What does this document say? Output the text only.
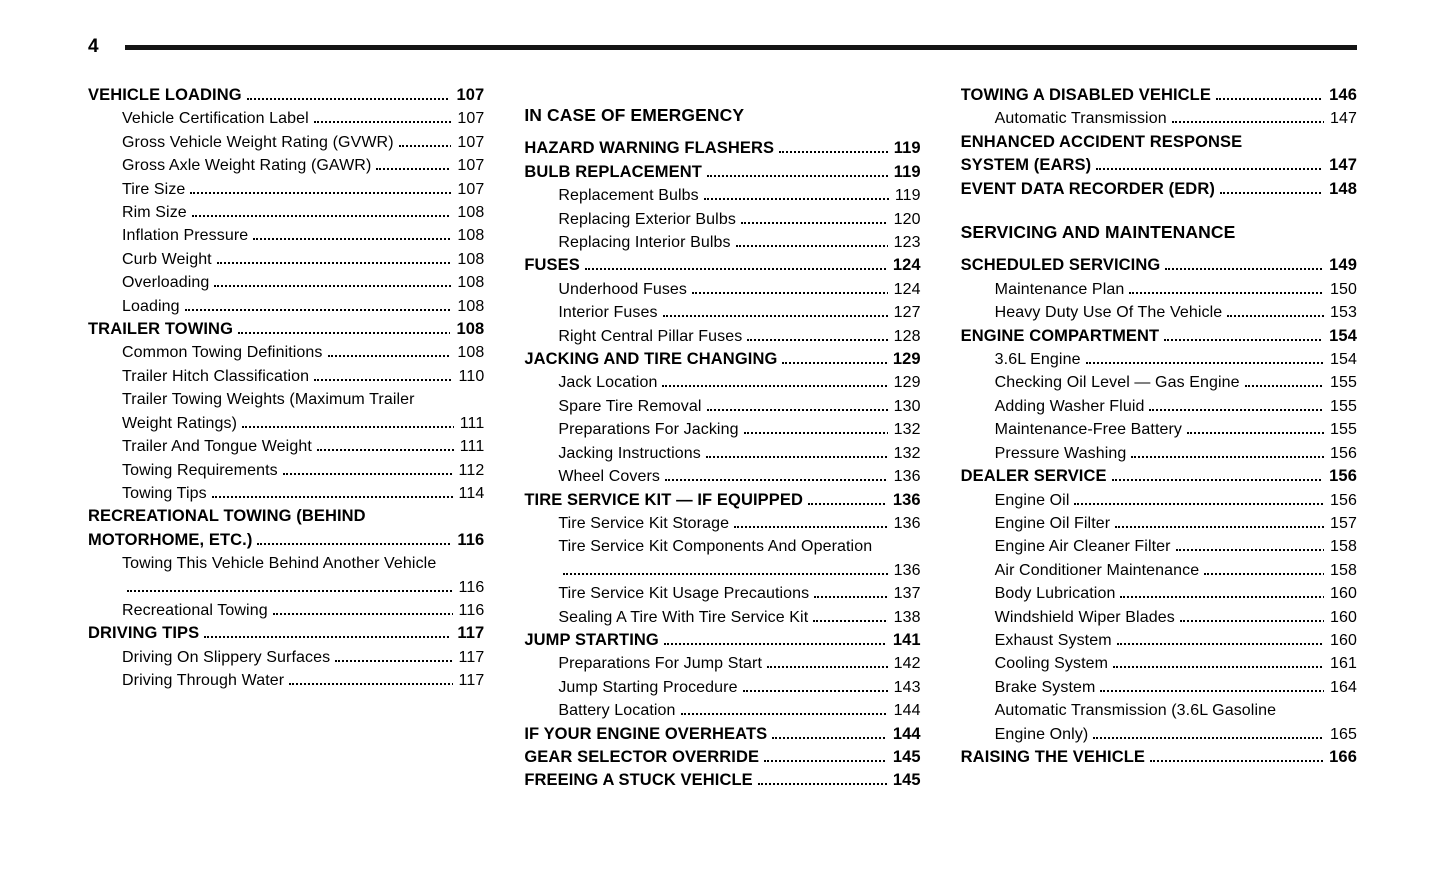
4
VEHICLE LOADING	107
Vehicle Certification Label	107
Gross Vehicle Weight Rating (GVWR)	107
Gross Axle Weight Rating (GAWR)	107
Tire Size	107
Rim Size	108
Inflation Pressure	108
Curb Weight	108
Overloading	108
Loading	108
TRAILER TOWING	108
Common Towing Definitions	108
Trailer Hitch Classification	110
Trailer Towing Weights (Maximum Trailer Weight Ratings)	111
Trailer And Tongue Weight	111
Towing Requirements	112
Towing Tips	114
RECREATIONAL TOWING (BEHIND MOTORHOME, ETC.)	116
Towing This Vehicle Behind Another Vehicle
116
Recreational Towing	116
DRIVING TIPS	117
Driving On Slippery Surfaces	117
Driving Through Water	117
IN CASE OF EMERGENCY
HAZARD WARNING FLASHERS	119
BULB REPLACEMENT	119
Replacement Bulbs	119
Replacing Exterior Bulbs	120
Replacing Interior Bulbs	123
FUSES	124
Underhood Fuses	124
Interior Fuses	127
Right Central Pillar Fuses	128
JACKING AND TIRE CHANGING	129
Jack Location	129
Spare Tire Removal	130
Preparations For Jacking	132
Jacking Instructions	132
Wheel Covers	136
TIRE SERVICE KIT — IF EQUIPPED	136
Tire Service Kit Storage	136
Tire Service Kit Components And Operation
136
Tire Service Kit Usage Precautions	137
Sealing A Tire With Tire Service Kit	138
JUMP STARTING	141
Preparations For Jump Start	142
Jump Starting Procedure	143
Battery Location	144
IF YOUR ENGINE OVERHEATS	144
GEAR SELECTOR OVERRIDE	145
FREEING A STUCK VEHICLE	145
TOWING A DISABLED VEHICLE	146
Automatic Transmission	147
ENHANCED ACCIDENT RESPONSE SYSTEM (EARS)	147
EVENT DATA RECORDER (EDR)	148
SERVICING AND MAINTENANCE
SCHEDULED SERVICING	149
Maintenance Plan	150
Heavy Duty Use Of The Vehicle	153
ENGINE COMPARTMENT	154
3.6L Engine	154
Checking Oil Level — Gas Engine	155
Adding Washer Fluid	155
Maintenance-Free Battery	155
Pressure Washing	156
DEALER SERVICE	156
Engine Oil	156
Engine Oil Filter	157
Engine Air Cleaner Filter	158
Air Conditioner Maintenance	158
Body Lubrication	160
Windshield Wiper Blades	160
Exhaust System	160
Cooling System	161
Brake System	164
Automatic Transmission (3.6L Gasoline Engine Only)	165
RAISING THE VEHICLE	166
